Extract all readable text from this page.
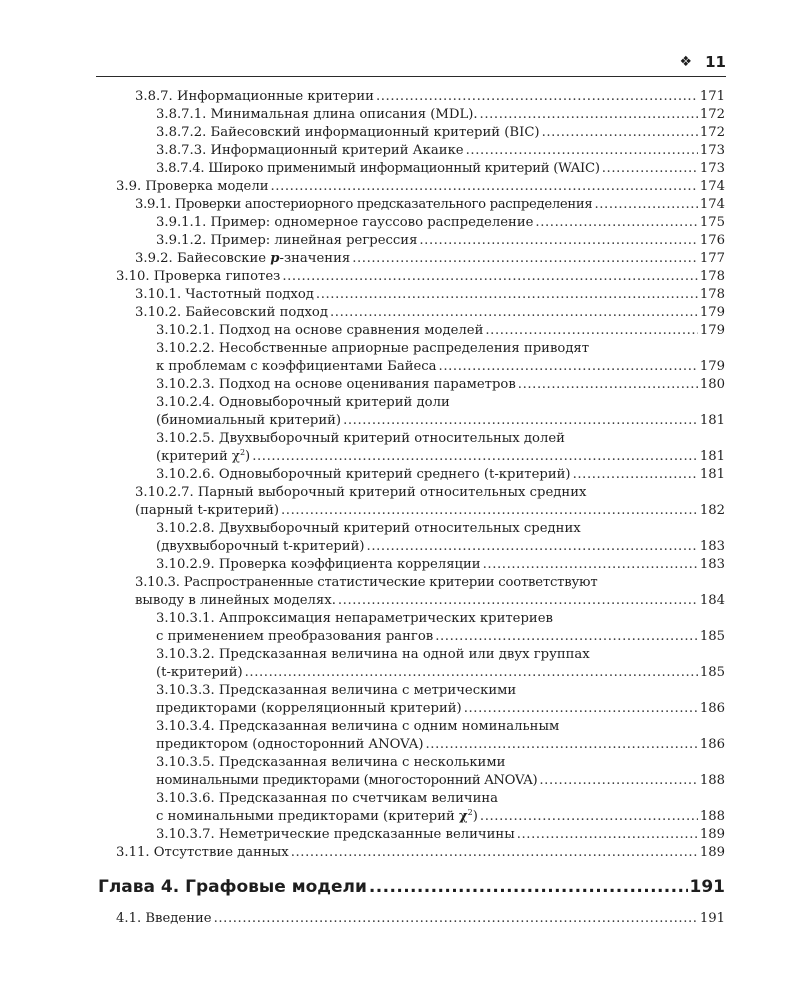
❖ 11
3.8.7. Информационные критерии .....	171
3.8.7.1. Минимальная длина описания (MDL). .....	172
3.8.7.2. Байесовский информационный критерий (BIC) .....	172
3.8.7.3. Информационный критерий Акаике .....	173
3.8.7.4. Широко применимый информационный критерий (WAIC) .....	173
3.9. Проверка модели .....	174
3.9.1. Проверки апостериорного предсказательного распределения .....	174
3.9.1.1. Пример: одномерное гауссово распределение .....	175
3.9.1.2. Пример: линейная регрессия .....	176
3.9.2. Байесовские p-значения .....	177
3.10. Проверка гипотез .....	178
3.10.1. Частотный подход .....	178
3.10.2. Байесовский подход .....	179
3.10.2.1. Подход на основе сравнения моделей .....	179
3.10.2.2. Несобственные априорные распределения приводят
к проблемам с коэффициентами Байеса .....	179
3.10.2.3. Подход на основе оценивания параметров .....	180
3.10.2.4. Одновыборочный критерий доли
(биномиальный критерий) .....	181
3.10.2.5. Двухвыборочный критерий относительных долей
(критерий $\chi^2$) .....	181
3.10.2.6. Одновыборочный критерий среднего (t-критерий) .....	181
3.10.2.7. Парный выборочный критерий относительных средних
(парный t-критерий) .....	182
3.10.2.8. Двухвыборочный критерий относительных средних
(двухвыборочный t-критерий) .....	183
3.10.2.9. Проверка коэффициента корреляции .....	183
3.10.3. Распространенные статистические критерии соответствуют
выводу в линейных моделях. .....	184
3.10.3.1. Аппроксимация непараметрических критериев
с применением преобразования рангов .....	185
3.10.3.2. Предсказанная величина на одной или двух группах
(t-критерий) .....	185
3.10.3.3. Предсказанная величина с метрическими
предикторами (корреляционный критерий) .....	186
3.10.3.4. Предсказанная величина с одним номинальным
предиктором (односторонний ANOVA) .....	186
3.10.3.5. Предсказанная величина с несколькими
номинальными предикторами (многосторонний ANOVA) .....	188
3.10.3.6. Предсказанная по счетчикам величина
с номинальными предикторами (критерий $\chi^2$) .....	188
3.10.3.7. Неметрические предсказанные величины .....	189
3.11. Отсутствие данных .....	189
Глава 4. Графовые модели .....	191
4.1. Введение .....	191
